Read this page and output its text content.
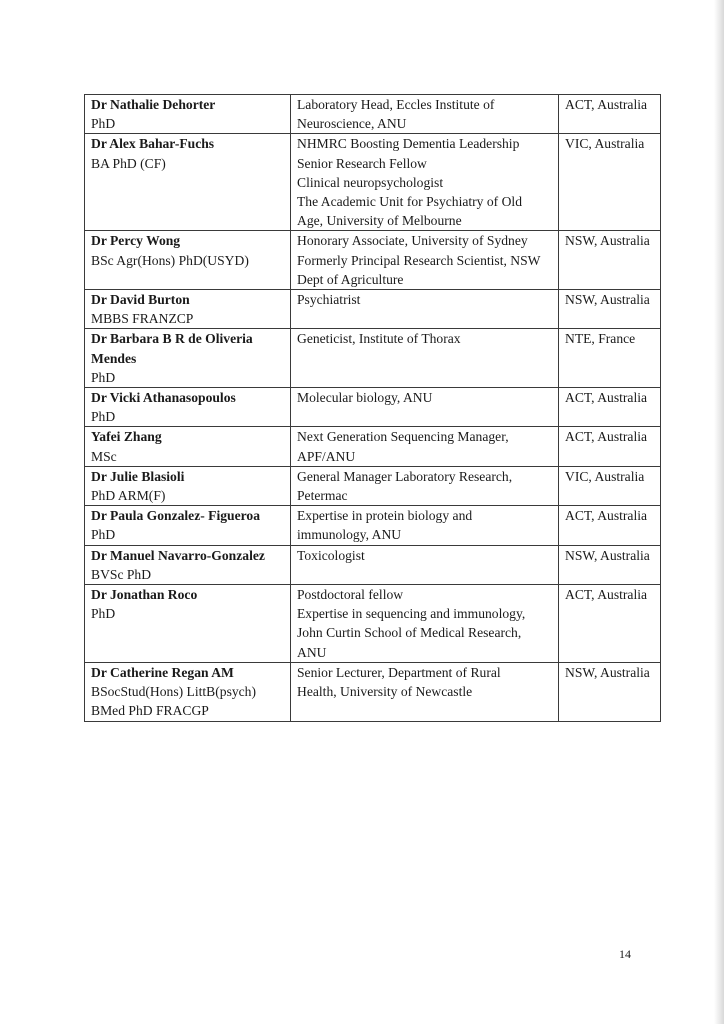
Dr Nathalie Dehorter
PhD	Laboratory Head, Eccles Institute of
Neuroscience, ANU	ACT, Australia

Dr Alex Bahar-Fuchs
BA PhD (CF)	NHMRC Boosting Dementia Leadership
Senior Research Fellow
Clinical neuropsychologist
The Academic Unit for Psychiatry of Old
Age, University of Melbourne	VIC, Australia

Dr Percy Wong
BSc Agr(Hons) PhD(USYD)	Honorary Associate, University of Sydney
Formerly Principal Research Scientist, NSW
Dept of Agriculture	NSW, Australia

Dr David Burton
MBBS FRANZCP	Psychiatrist	NSW, Australia

Dr Barbara B R de Oliveria Mendes
PhD	Geneticist, Institute of Thorax	NTE, France

Dr Vicki Athanasopoulos
PhD	Molecular biology, ANU	ACT, Australia

Yafei Zhang
MSc	Next Generation Sequencing Manager,
APF/ANU	ACT, Australia

Dr Julie Blasioli
PhD ARM(F)	General Manager Laboratory Research,
Petermac	VIC, Australia

Dr Paula Gonzalez- Figueroa
PhD	Expertise in protein biology and
immunology, ANU	ACT, Australia

Dr Manuel Navarro-Gonzalez
BVSc PhD	Toxicologist	NSW, Australia

Dr Jonathan Roco
PhD	Postdoctoral fellow
Expertise in sequencing and immunology,
John Curtin School of Medical Research,
ANU	ACT, Australia

Dr Catherine Regan AM
BSocStud(Hons) LittB(psych)
BMed PhD FRACGP	Senior Lecturer, Department of Rural
Health, University of Newcastle	NSW, Australia
14
